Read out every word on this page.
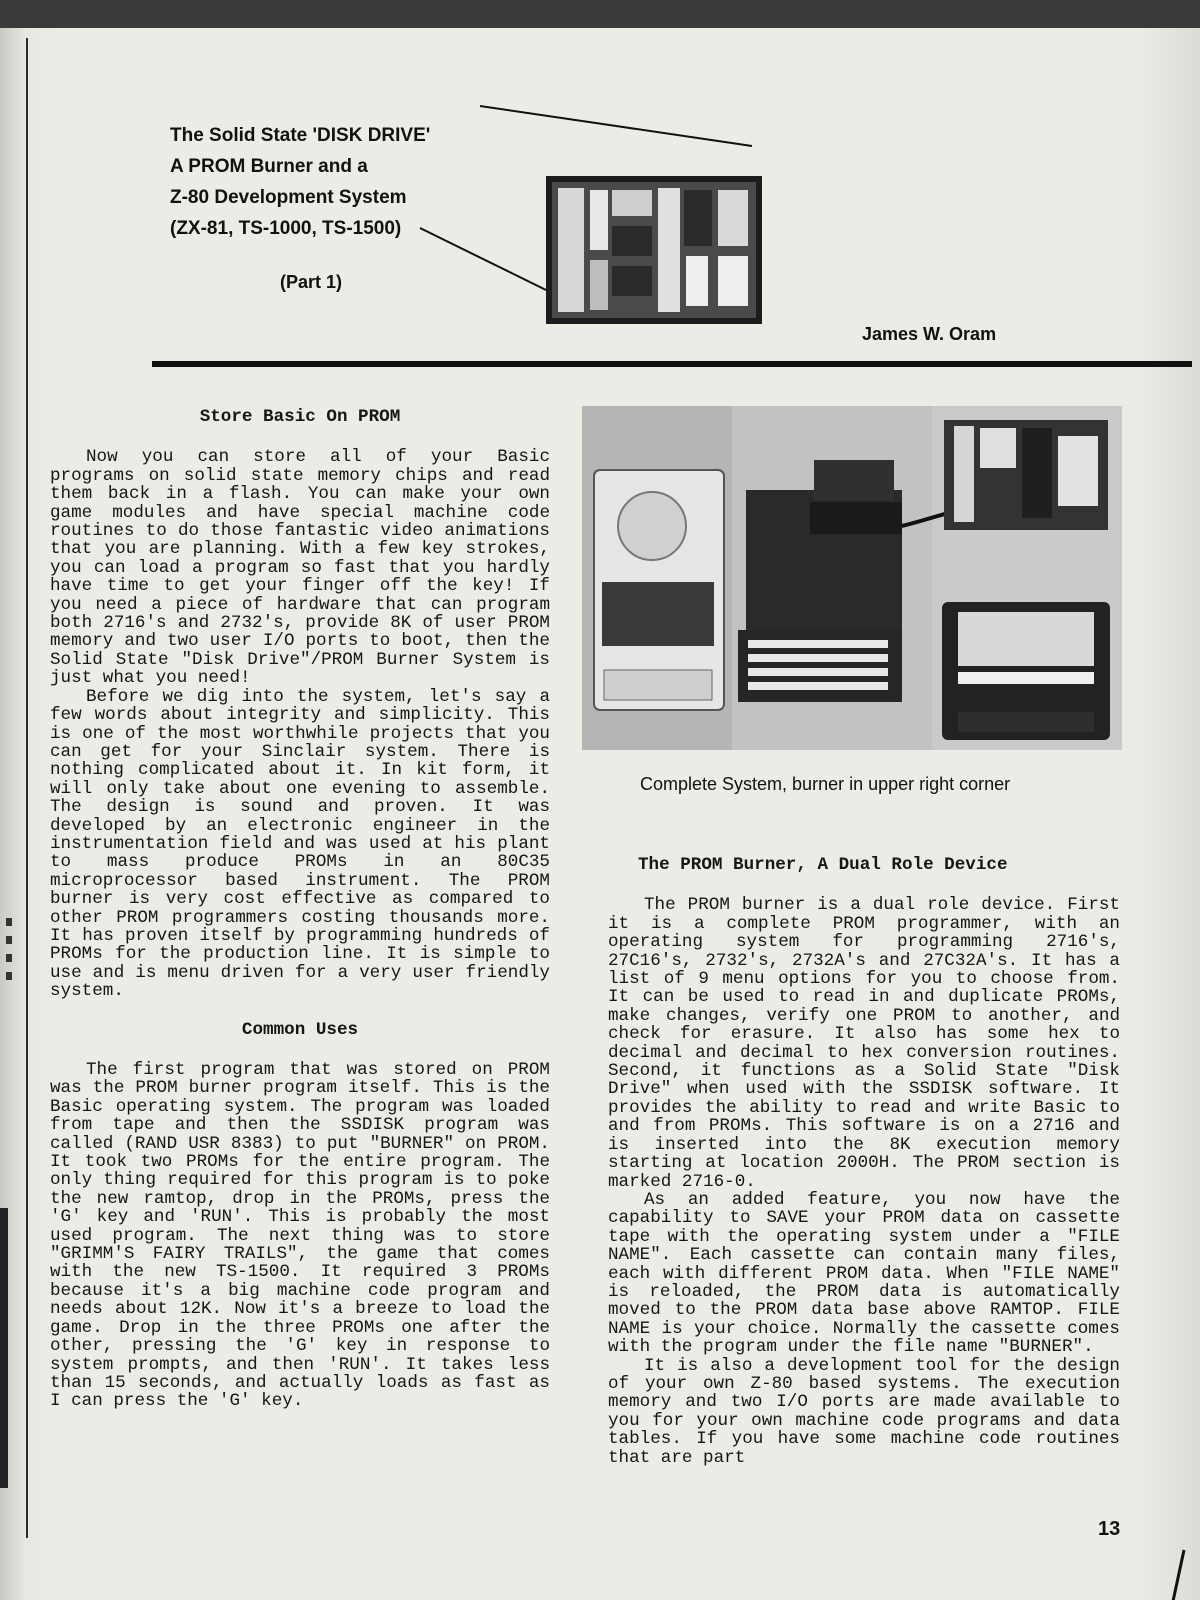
The Solid State 'DISK DRIVE'
A PROM Burner and a
Z-80 Development System
(ZX-81, TS-1000, TS-1500)
(Part 1)
James W. Oram

Store Basic On PROM

Now you can store all of your Basic programs on solid state memory chips and read them back in a flash. You can make your own game modules and have special machine code routines to do those fantastic video animations that you are planning. With a few key strokes, you can load a program so fast that you hardly have time to get your finger off the key! If you need a piece of hardware that can program both 2716's and 2732's, provide 8K of user PROM memory and two user I/O ports to boot, then the Solid State "Disk Drive"/PROM Burner System is just what you need!

Before we dig into the system, let's say a few words about integrity and simplicity. This is one of the most worthwhile projects that you can get for your Sinclair system. There is nothing complicated about it. In kit form, it will only take about one evening to assemble. The design is sound and proven. It was developed by an electronic engineer in the instrumentation field and was used at his plant to mass produce PROMs in an 80C35 microprocessor based instrument. The PROM burner is very cost effective as compared to other PROM programmers costing thousands more. It has proven itself by programming hundreds of PROMs for the production line. It is simple to use and is menu driven for a very user friendly system.

Common Uses

The first program that was stored on PROM was the PROM burner program itself. This is the Basic operating system. The program was loaded from tape and then the SSDISK program was called (RAND USR 8383) to put "BURNER" on PROM. It took two PROMs for the entire program. The only thing required for this program is to poke the new ramtop, drop in the PROMs, press the 'G' key and 'RUN'. This is probably the most used program. The next thing was to store "GRIMM'S FAIRY TRAILS", the game that comes with the new TS-1500. It required 3 PROMs because it's a big machine code program and needs about 12K. Now it's a breeze to load the game. Drop in the three PROMs one after the other, pressing the 'G' key in response to system prompts, and then 'RUN'. It takes less than 15 seconds, and actually loads as fast as I can press the 'G' key.

Complete System, burner in upper right corner

The PROM Burner, A Dual Role Device

The PROM burner is a dual role device. First it is a complete PROM programmer, with an operating system for programming 2716's, 27C16's, 2732's, 2732A's and 27C32A's. It has a list of 9 menu options for you to choose from. It can be used to read in and duplicate PROMs, make changes, verify one PROM to another, and check for erasure. It also has some hex to decimal and decimal to hex conversion routines. Second, it functions as a Solid State "Disk Drive" when used with the SSDISK software. It provides the ability to read and write Basic to and from PROMs. This software is on a 2716 and is inserted into the 8K execution memory starting at location 2000H. The PROM section is marked 2716-0.

As an added feature, you now have the capability to SAVE your PROM data on cassette tape with the operating system under a "FILE NAME". Each cassette can contain many files, each with different PROM data. When "FILE NAME" is reloaded, the PROM data is automatically moved to the PROM data base above RAMTOP. FILE NAME is your choice. Normally the cassette comes with the program under the file name "BURNER".

It is also a development tool for the design of your own Z-80 based systems. The execution memory and two I/O ports are made available to you for your own machine code programs and data tables. If you have some machine code routines that are part

13
